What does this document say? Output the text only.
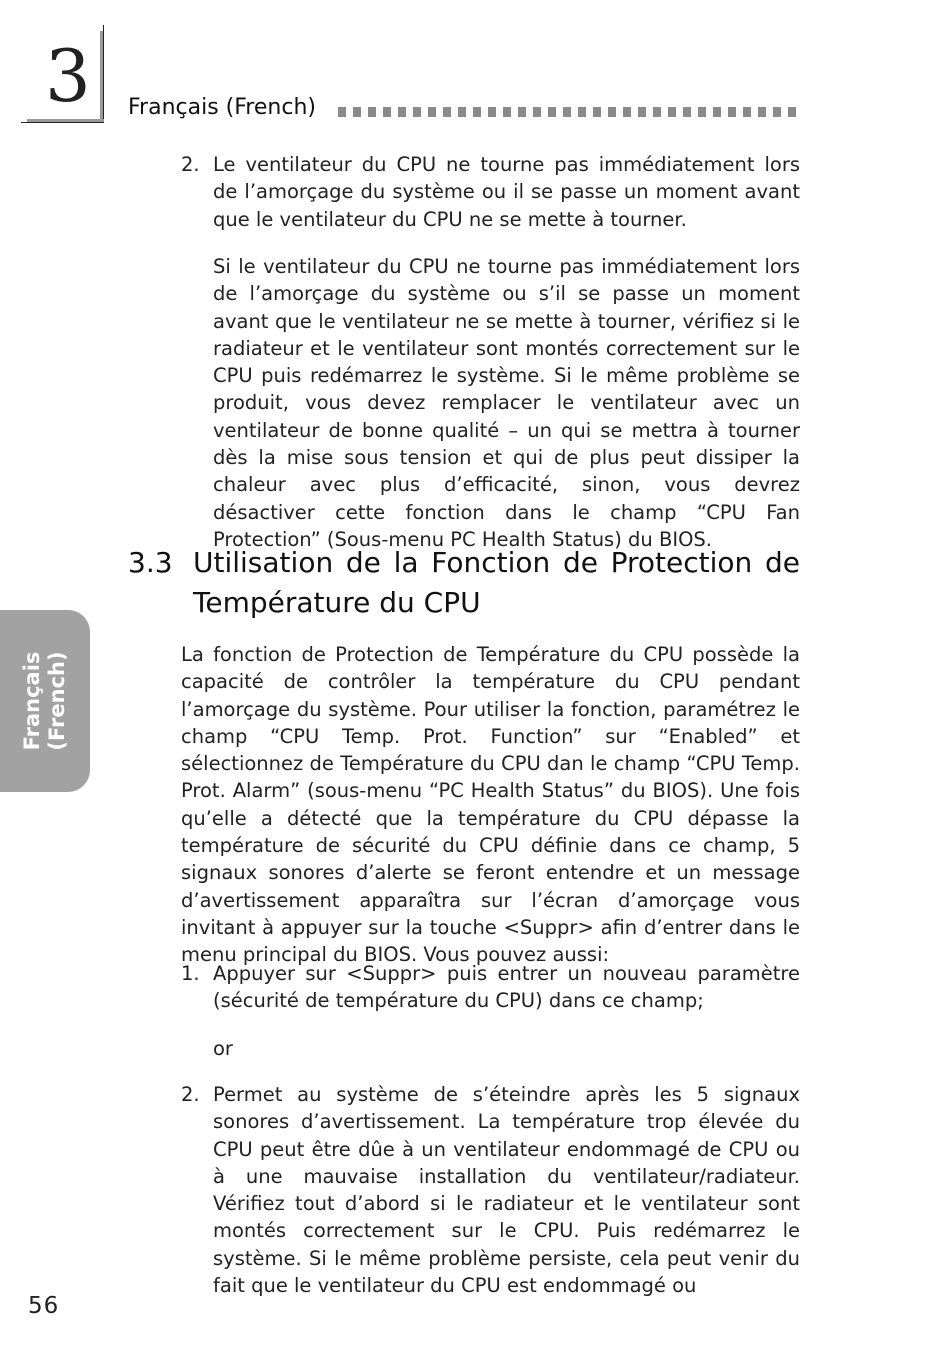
3 Français (French)
Français (French)
2. Le ventilateur du CPU ne tourne pas immédiatement lors de l’amorçage du système ou il se passe un moment avant que le ventilateur du CPU ne se mette à tourner.

Si le ventilateur du CPU ne tourne pas immédiatement lors de l’amorçage du système ou s’il se passe un moment avant que le ventilateur ne se mette à tourner, vérifiez si le radiateur et le ventilateur sont montés correctement sur le CPU puis redémarrez le système. Si le même problème se produit, vous devez remplacer le ventilateur avec un ventilateur de bonne qualité – un qui se mettra à tourner dès la mise sous tension et qui de plus peut dissiper la chaleur avec plus d’efficacité, sinon, vous devrez désactiver cette fonction dans le champ “CPU Fan Protection” (Sous-menu PC Health Status) du BIOS.

3.3 Utilisation de la Fonction de Protection de Température du CPU

La fonction de Protection de Température du CPU possède la capacité de contrôler la température du CPU pendant l’amorçage du système. Pour utiliser la fonction, paramétrez le champ “CPU Temp. Prot. Function” sur “Enabled” et sélectionnez de Température du CPU dan le champ “CPU Temp. Prot. Alarm” (sous-menu “PC Health Status” du BIOS). Une fois qu’elle a détecté que la température du CPU dépasse la température de sécurité du CPU définie dans ce champ, 5 signaux sonores d’alerte se feront entendre et un message d’avertissement apparaîtra sur l’écran d’amorçage vous invitant à appuyer sur la touche <Suppr> afin d’entrer dans le menu principal du BIOS. Vous pouvez aussi:

1. Appuyer sur <Suppr> puis entrer un nouveau paramètre (sécurité de température du CPU) dans ce champ;

or

2. Permet au système de s’éteindre après les 5 signaux sonores d’avertissement. La température trop élevée du CPU peut être dûe à un ventilateur endommagé de CPU ou à une mauvaise installation du ventilateur/radiateur. Vérifiez tout d’abord si le radiateur et le ventilateur sont montés correctement sur le CPU. Puis redémarrez le système. Si le même problème persiste, cela peut venir du fait que le ventilateur du CPU est endommagé ou

56
